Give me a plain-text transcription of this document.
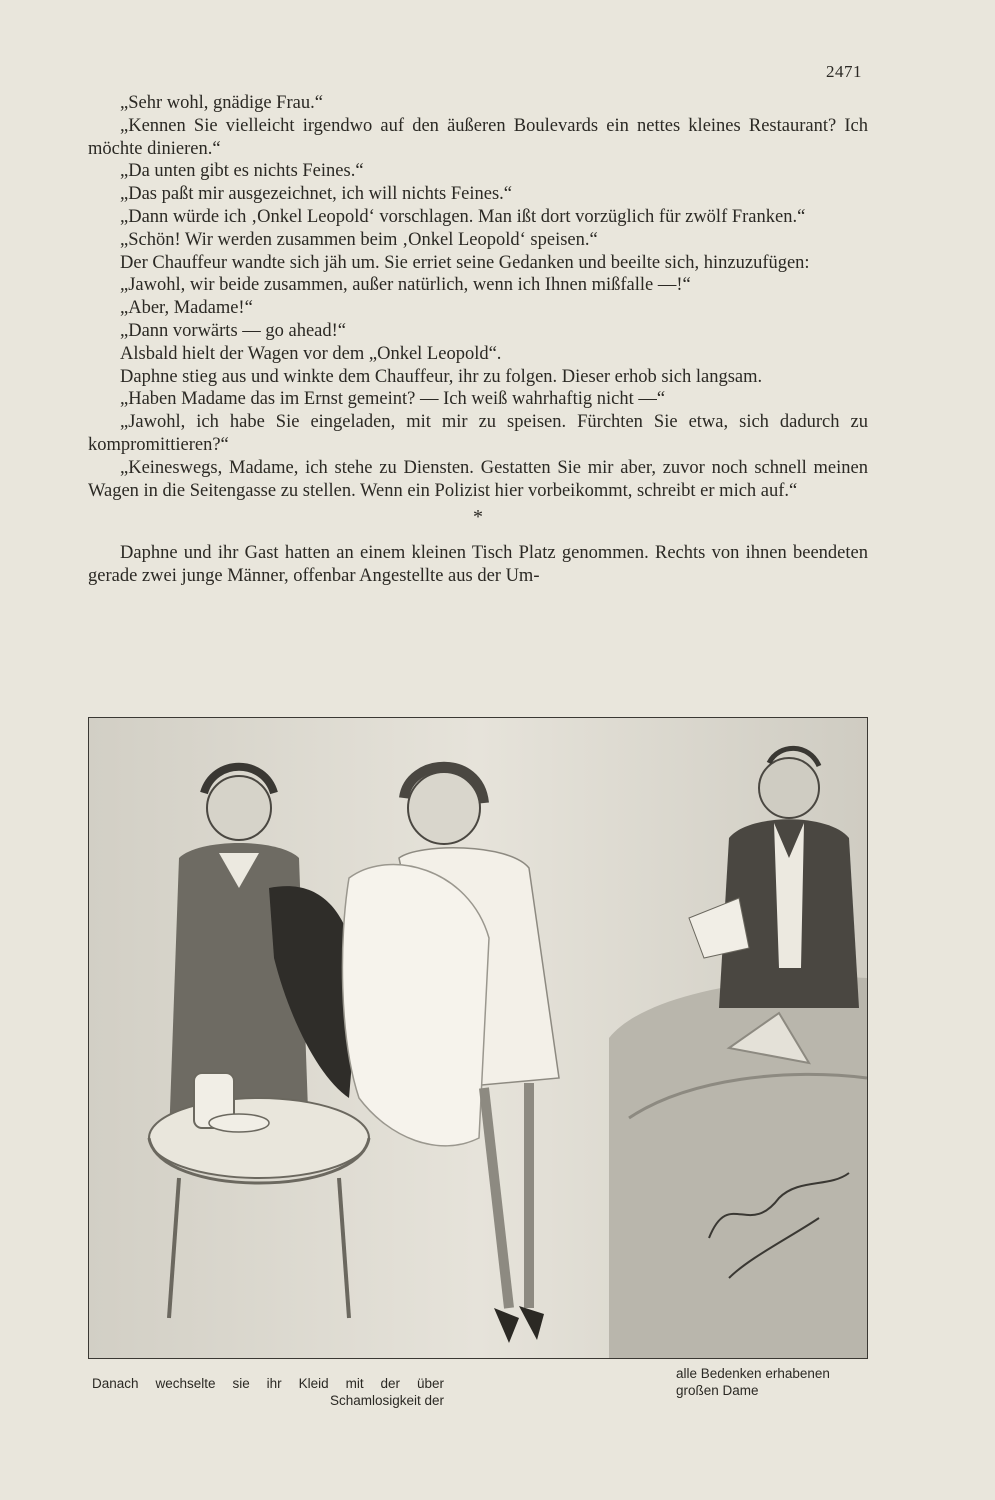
2471

„Sehr wohl, gnädige Frau.“

„Kennen Sie vielleicht irgendwo auf den äußeren Boulevards ein nettes kleines Restaurant? Ich möchte dinieren.“

„Da unten gibt es nichts Feines.“

„Das paßt mir ausgezeichnet, ich will nichts Feines.“

„Dann würde ich ‚Onkel Leopold‘ vorschlagen. Man ißt dort vorzüglich für zwölf Franken.“

„Schön! Wir werden zusammen beim ‚Onkel Leopold‘ speisen.“

Der Chauffeur wandte sich jäh um. Sie erriet seine Gedanken und beeilte sich, hinzuzufügen:

„Jawohl, wir beide zusammen, außer natürlich, wenn ich Ihnen mißfalle —!“

„Aber, Madame!“

„Dann vorwärts — go ahead!“

Alsbald hielt der Wagen vor dem „Onkel Leopold“.

Daphne stieg aus und winkte dem Chauffeur, ihr zu folgen. Dieser erhob sich langsam.

„Haben Madame das im Ernst gemeint? — Ich weiß wahrhaftig nicht —“

„Jawohl, ich habe Sie eingeladen, mit mir zu speisen. Fürchten Sie etwa, sich dadurch zu kompromittieren?“

„Keineswegs, Madame, ich stehe zu Diensten. Gestatten Sie mir aber, zuvor noch schnell meinen Wagen in die Seitengasse zu stellen. Wenn ein Polizist hier vorbeikommt, schreibt er mich auf.“

*

Daphne und ihr Gast hatten an einem kleinen Tisch Platz genommen. Rechts von ihnen beendeten gerade zwei junge Männer, offenbar Angestellte aus der Um-

Danach wechselte sie ihr Kleid mit der über Schamlosigkeit der
alle Bedenken erhabenen großen Dame
